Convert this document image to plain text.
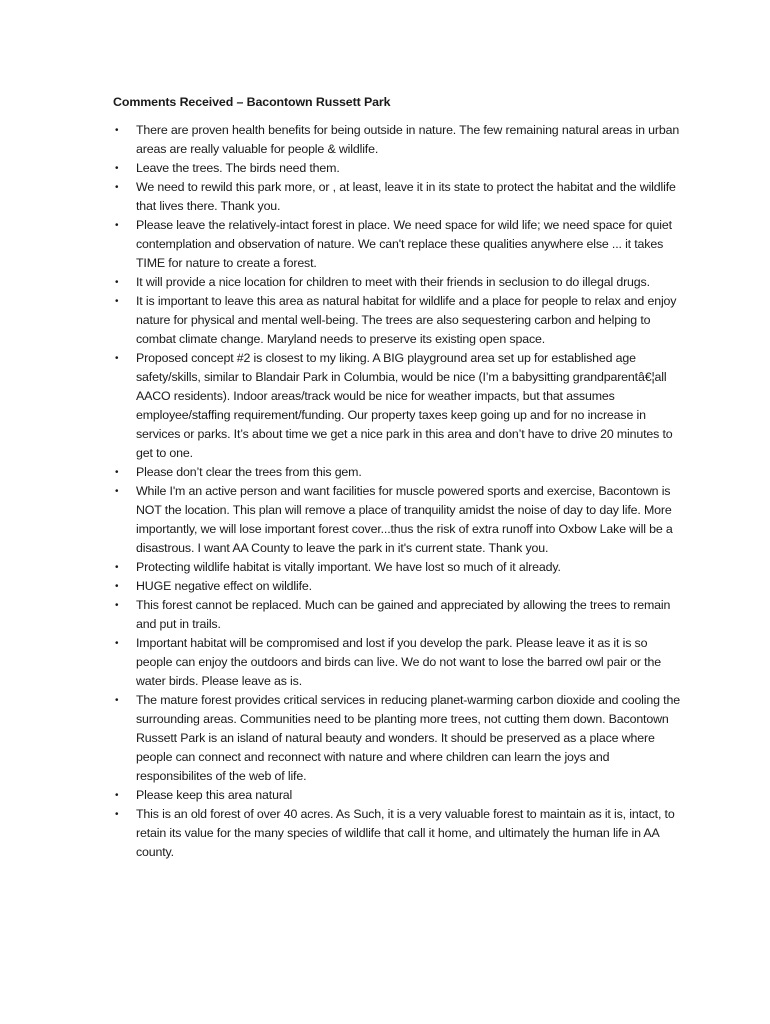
Comments Received – Bacontown Russett Park
• There are proven health benefits for being outside in nature. The few remaining natural areas in urban areas are really valuable for people & wildlife.
• Leave the trees. The birds need them.
• We need to rewild this park more, or , at least, leave it in its state to protect the habitat and the wildlife that lives there. Thank you.
• Please leave the relatively-intact forest in place. We need space for wild life; we need space for quiet contemplation and observation of nature. We can't replace these qualities anywhere else ... it takes TIME for nature to create a forest.
• It will provide a nice location for children to meet with their friends in seclusion to do illegal drugs.
• It is important to leave this area as natural habitat for wildlife and a place for people to relax and enjoy nature for physical and mental well-being. The trees are also sequestering carbon and helping to combat climate change. Maryland needs to preserve its existing open space.
• Proposed concept #2 is closest to my liking. A BIG playground area set up for established age safety/skills, similar to Blandair Park in Columbia, would be nice (I’m a babysitting grandparentâ€¦all AACO residents). Indoor areas/track would be nice for weather impacts, but that assumes employee/staffing requirement/funding. Our property taxes keep going up and for no increase in services or parks. It’s about time we get a nice park in this area and don’t have to drive 20 minutes to get to one.
• Please don’t clear the trees from this gem.
• While I'm an active person and want facilities for muscle powered sports and exercise, Bacontown is NOT the location. This plan will remove a place of tranquility amidst the noise of day to day life. More importantly, we will lose important forest cover...thus the risk of extra runoff into Oxbow Lake will be a disastrous. I want AA County to leave the park in it's current state. Thank you.
• Protecting wildlife habitat is vitally important. We have lost so much of it already.
• HUGE negative effect on wildlife.
• This forest cannot be replaced. Much can be gained and appreciated by allowing the trees to remain and put in trails.
• Important habitat will be compromised and lost if you develop the park. Please leave it as it is so people can enjoy the outdoors and birds can live. We do not want to lose the barred owl pair or the water birds. Please leave as is.
• The mature forest provides critical services in reducing planet-warming carbon dioxide and cooling the surrounding areas. Communities need to be planting more trees, not cutting them down. Bacontown Russett Park is an island of natural beauty and wonders. It should be preserved as a place where people can connect and reconnect with nature and where children can learn the joys and responsibilites of the web of life.
• Please keep this area natural
• This is an old forest of over 40 acres. As Such, it is a very valuable forest to maintain as it is, intact, to retain its value for the many species of wildlife that call it home, and ultimately the human life in AA county.
